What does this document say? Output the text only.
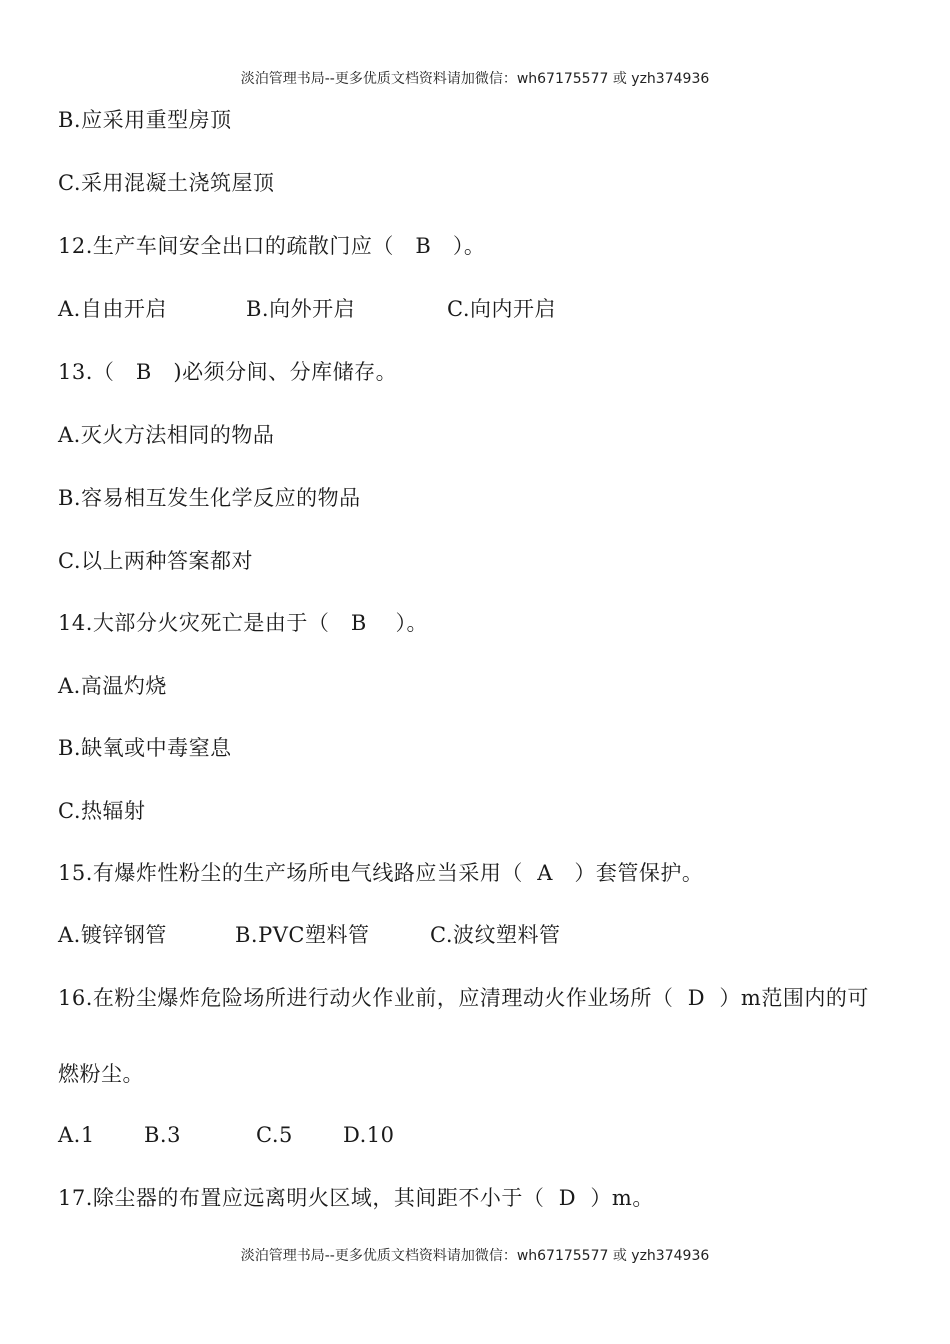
淡泊管理书局--更多优质文档资料请加微信：wh67175577 或 yzh374936
B.应采用重型房顶
C.采用混凝土浇筑屋顶
12.生产车间安全出口的疏散门应（   B   ）。
A.自由开启	B.向外开启	C.向内开启
13.（   B   )必须分间、分库储存。
A.灭火方法相同的物品
B.容易相互发生化学反应的物品
C.以上两种答案都对
14.大部分火灾死亡是由于（   B    ）。
A.高温灼烧
B.缺氧或中毒窒息
C.热辐射
15.有爆炸性粉尘的生产场所电气线路应当采用（  A   ）套管保护。
A.镀锌钢管	B.PVC塑料管	C.波纹塑料管
16.在粉尘爆炸危险场所进行动火作业前，应清理动火作业场所（  D  ）m范围内的可
燃粉尘。
A.1 B.3	C.5 D.10
17.除尘器的布置应远离明火区域，其间距不小于（  D  ）m。
淡泊管理书局--更多优质文档资料请加微信：wh67175577 或 yzh374936
